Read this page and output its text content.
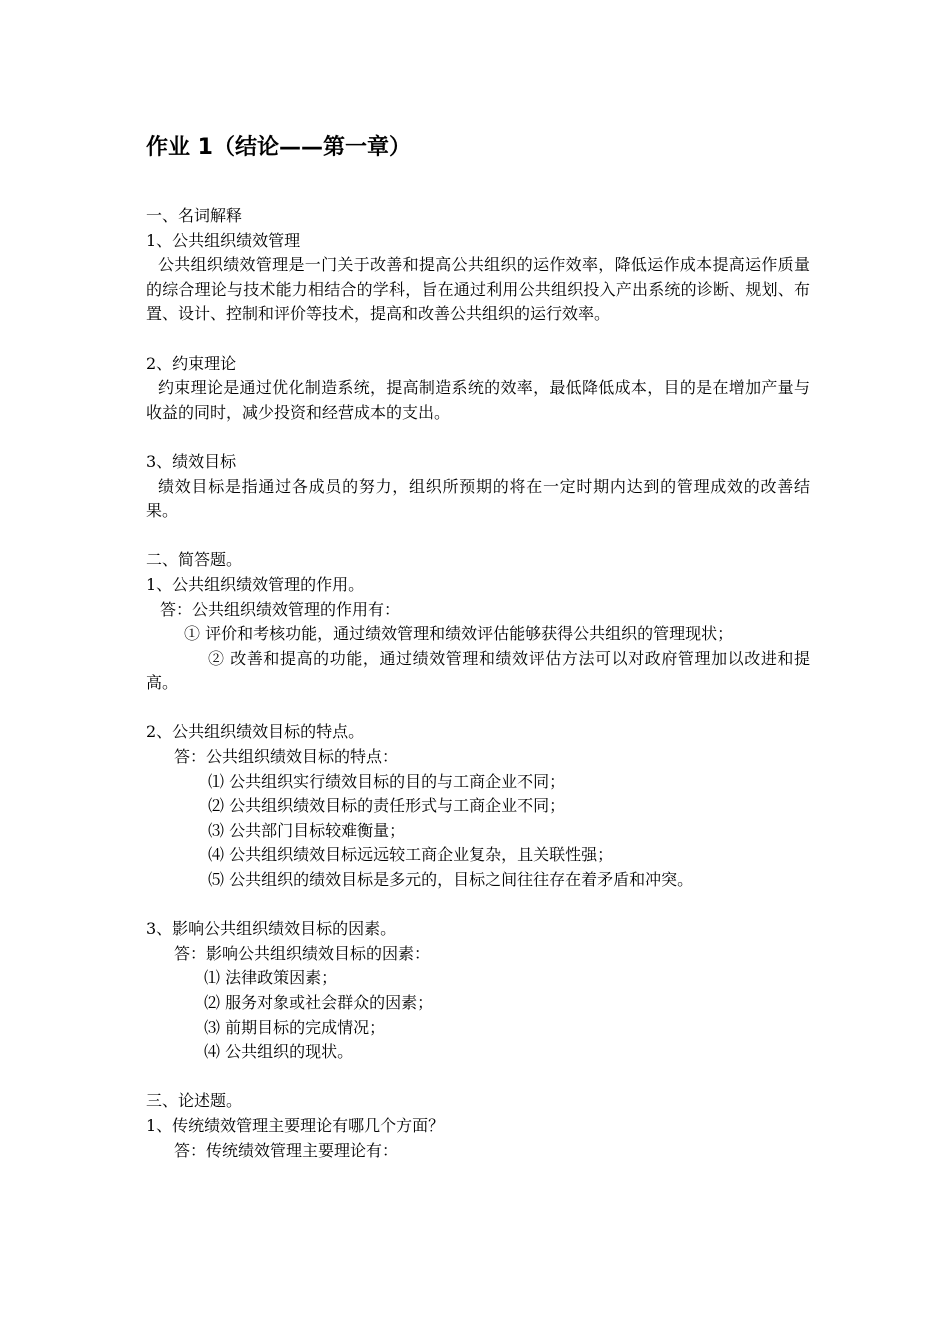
作业 1（结论——第一章）

一、名词解释

1、公共组织绩效管理

公共组织绩效管理是一门关于改善和提高公共组织的运作效率，降低运作成本提高运作质量的综合理论与技术能力相结合的学科，旨在通过利用公共组织投入产出系统的诊断、规划、布置、设计、控制和评价等技术，提高和改善公共组织的运行效率。

2、约束理论

约束理论是通过优化制造系统，提高制造系统的效率，最低降低成本，目的是在增加产量与收益的同时，减少投资和经营成本的支出。

3、绩效目标

绩效目标是指通过各成员的努力，组织所预期的将在一定时期内达到的管理成效的改善结果。

二、简答题。

1、公共组织绩效管理的作用。

答：公共组织绩效管理的作用有：

① 评价和考核功能，通过绩效管理和绩效评估能够获得公共组织的管理现状；

② 改善和提高的功能，通过绩效管理和绩效评估方法可以对政府管理加以改进和提高。

2、公共组织绩效目标的特点。

答：公共组织绩效目标的特点：

⑴ 公共组织实行绩效目标的目的与工商企业不同；

⑵ 公共组织绩效目标的责任形式与工商企业不同；

⑶ 公共部门目标较难衡量；

⑷ 公共组织绩效目标远远较工商企业复杂，且关联性强；

⑸ 公共组织的绩效目标是多元的，目标之间往往存在着矛盾和冲突。

3、影响公共组织绩效目标的因素。

答：影响公共组织绩效目标的因素：

⑴ 法律政策因素；

⑵ 服务对象或社会群众的因素；

⑶ 前期目标的完成情况；

⑷ 公共组织的现状。

三、论述题。

1、传统绩效管理主要理论有哪几个方面？

答：传统绩效管理主要理论有：
